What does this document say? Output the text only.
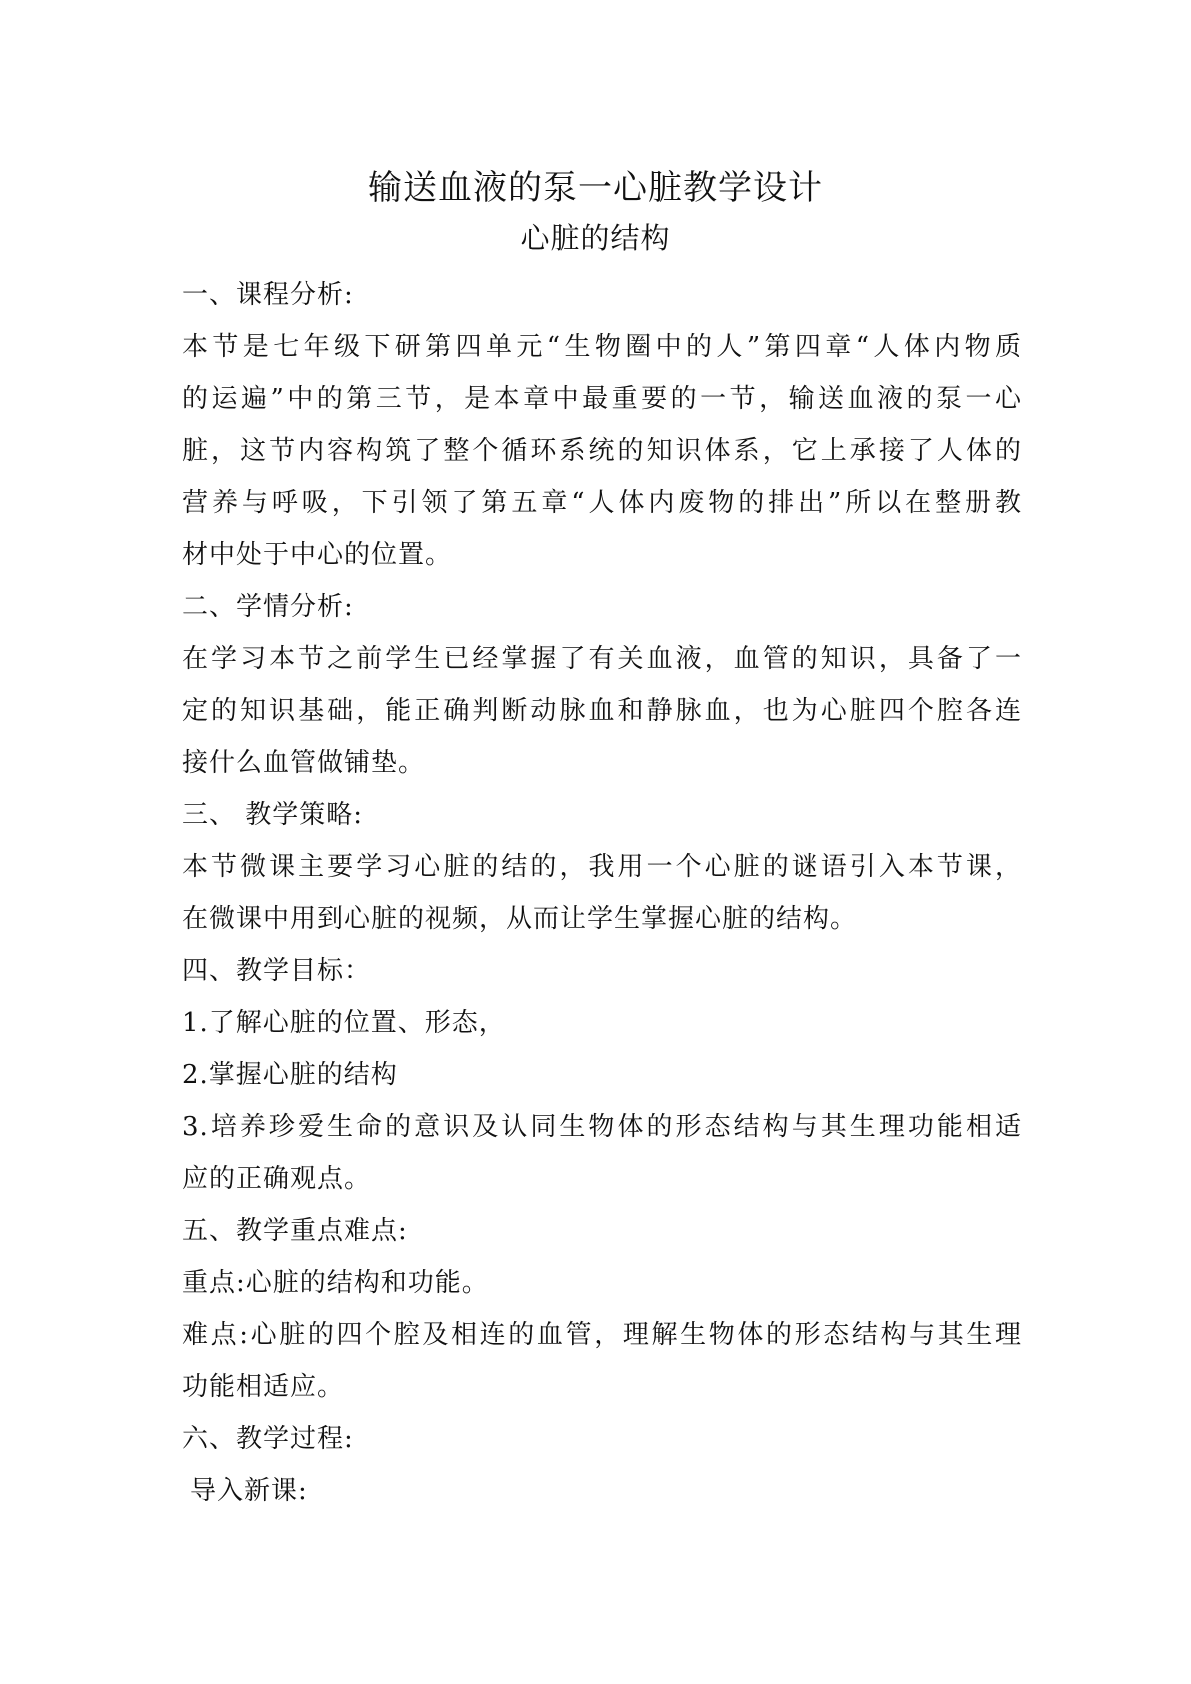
输送血液的泵一心脏教学设计
心脏的结构
一、课程分析:
本节是七年级下研第四单元“生物圈中的人”第四章“人体内物质
的运遍”中的第三节，是本章中最重要的一节，输送血液的泵一心
脏，这节内容构筑了整个循环系统的知识体系，它上承接了人体的
营养与呼吸，下引领了第五章“人体内废物的排出”所以在整册教
材中处于中心的位置。
二、学情分析:
在学习本节之前学生已经掌握了有关血液，血管的知识，具备了一
定的知识基础，能正确判断动脉血和静脉血，也为心脏四个腔各连
接什么血管做铺垫。
三、 教学策略:
本节微课主要学习心脏的结的，我用一个心脏的谜语引入本节课，
在微课中用到心脏的视频，从而让学生掌握心脏的结构。
四、教学目标：
1.了解心脏的位置、形态，
2.掌握心脏的结构
3.培养珍爱生命的意识及认同生物体的形态结构与其生理功能相适
应的正确观点。
五、教学重点难点:
重点:心脏的结构和功能。
难点:心脏的四个腔及相连的血管，理解生物体的形态结构与其生理
功能相适应。
六、教学过程:
导入新课:
